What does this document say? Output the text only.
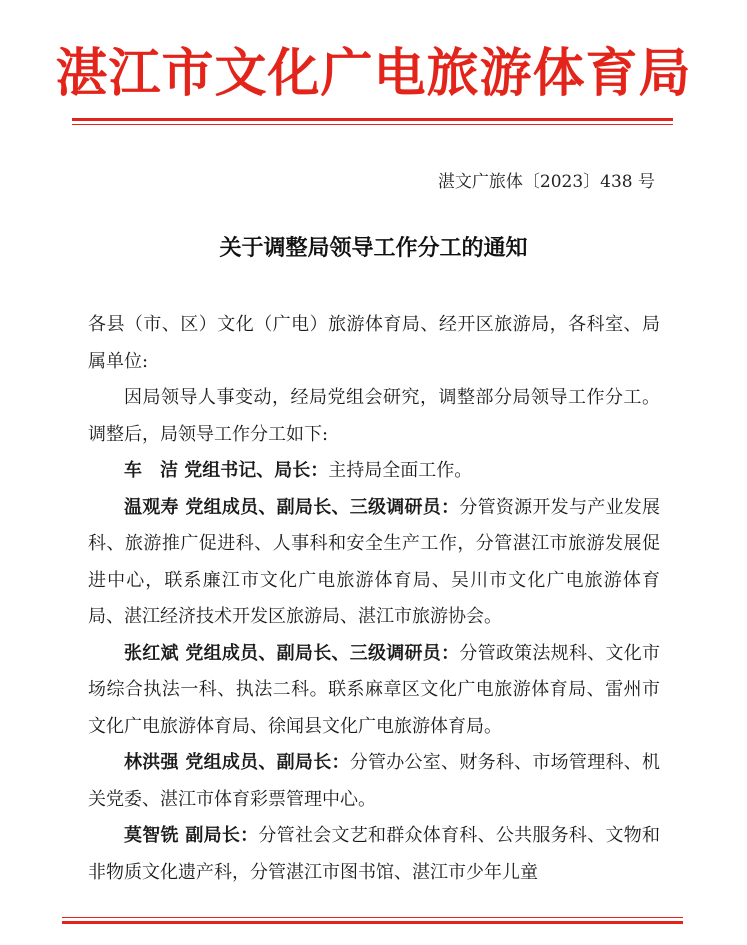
湛江市文化广电旅游体育局
湛文广旅体〔2023〕438 号
关于调整局领导工作分工的通知

各县（市、区）文化（广电）旅游体育局、经开区旅游局，各科室、局属单位:

因局领导人事变动，经局党组会研究，调整部分局领导工作分工。调整后，局领导工作分工如下:

车　洁 党组书记、局长：主持局全面工作。

温观寿 党组成员、副局长、三级调研员：分管资源开发与产业发展科、旅游推广促进科、人事科和安全生产工作，分管湛江市旅游发展促进中心，联系廉江市文化广电旅游体育局、吴川市文化广电旅游体育局、湛江经济技术开发区旅游局、湛江市旅游协会。

张红斌 党组成员、副局长、三级调研员：分管政策法规科、文化市场综合执法一科、执法二科。联系麻章区文化广电旅游体育局、雷州市文化广电旅游体育局、徐闻县文化广电旅游体育局。

林洪强 党组成员、副局长：分管办公室、财务科、市场管理科、机关党委、湛江市体育彩票管理中心。

莫智铣 副局长：分管社会文艺和群众体育科、公共服务科、文物和非物质文化遗产科，分管湛江市图书馆、湛江市少年儿童
